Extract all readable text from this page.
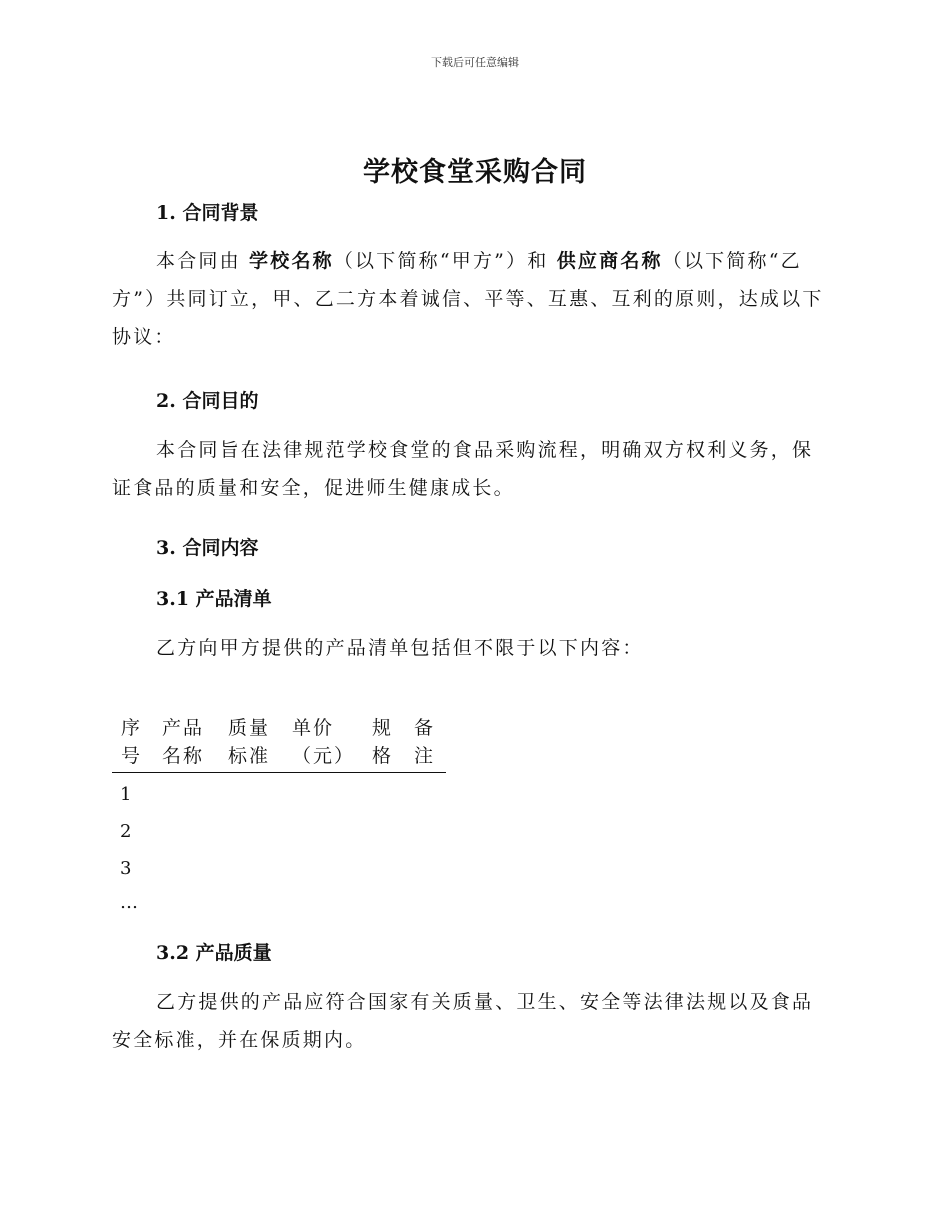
下载后可任意编辑
学校食堂采购合同
1. 合同背景

本合同由 学校名称（以下简称“甲方”）和 供应商名称（以下简称“乙方”）共同订立，甲、乙二方本着诚信、平等、互惠、互利的原则，达成以下协议：

2. 合同目的

本合同旨在法律规范学校食堂的食品采购流程，明确双方权利义务，保证食品的质量和安全，促进师生健康成长。

3. 合同内容
3.1 产品清单

乙方向甲方提供的产品清单包括但不限于以下内容：

序号
产品名称
质量标准
单价（元）
规格
备注
1
2
3
…
3.2 产品质量

乙方提供的产品应符合国家有关质量、卫生、安全等法律法规以及食品安全标准，并在保质期内。
